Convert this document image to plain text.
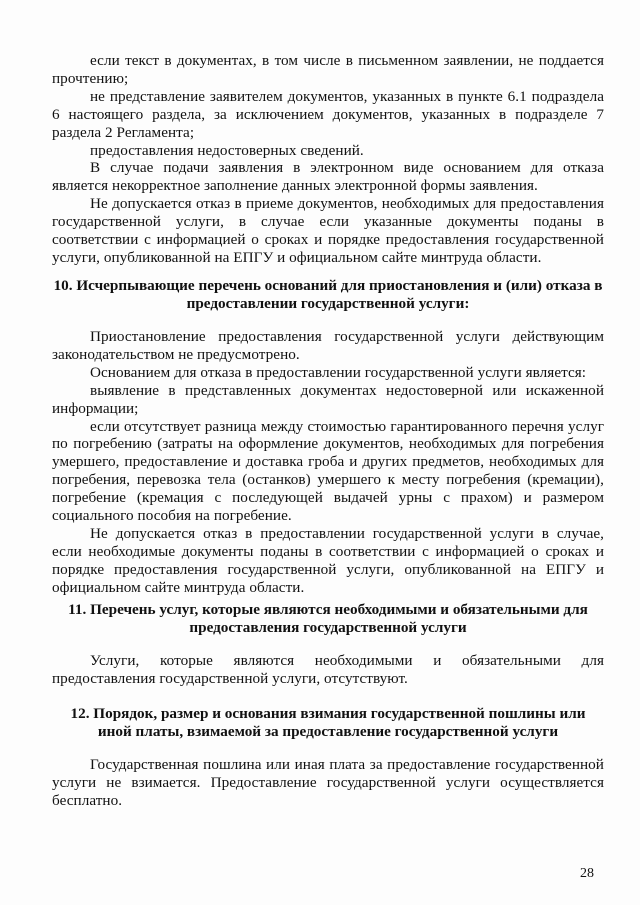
если текст в документах, в том числе в письменном заявлении, не поддается прочтению;

не представление заявителем документов, указанных в пункте 6.1 подраздела 6 настоящего раздела, за исключением документов, указанных в подразделе 7 раздела 2 Регламента;

предоставления недостоверных сведений.

В случае подачи заявления в электронном виде основанием для отказа является некорректное заполнение данных электронной формы заявления.

Не допускается отказ в приеме документов, необходимых для предоставления государственной услуги, в случае если указанные документы поданы в соответствии с информацией о сроках и порядке предоставления государственной услуги, опубликованной на ЕПГУ и официальном сайте минтруда области.

10. Исчерпывающие перечень оснований для приостановления и (или) отказа в предоставлении государственной услуги:

Приостановление предоставления государственной услуги действующим законодательством не предусмотрено.

Основанием для отказа в предоставлении государственной услуги является:

выявление в представленных документах недостоверной или искаженной информации;

если отсутствует разница между стоимостью гарантированного перечня услуг по погребению (затраты на оформление документов, необходимых для погребения умершего, предоставление и доставка гроба и других предметов, необходимых для погребения, перевозка тела (останков) умершего к месту погребения (кремации), погребение (кремация с последующей выдачей урны с прахом) и размером социального пособия на погребение.

Не допускается отказ в предоставлении государственной услуги в случае, если необходимые документы поданы в соответствии с информацией о сроках и порядке предоставления государственной услуги, опубликованной на ЕПГУ и официальном сайте минтруда области.

11. Перечень услуг, которые являются необходимыми и обязательными для предоставления государственной услуги

Услуги, которые являются необходимыми и обязательными для предоставления государственной услуги, отсутствуют.

12. Порядок, размер и основания взимания государственной пошлины или иной платы, взимаемой за предоставление государственной услуги

Государственная пошлина или иная плата за предоставление государственной услуги не взимается. Предоставление государственной услуги осуществляется бесплатно.

28
